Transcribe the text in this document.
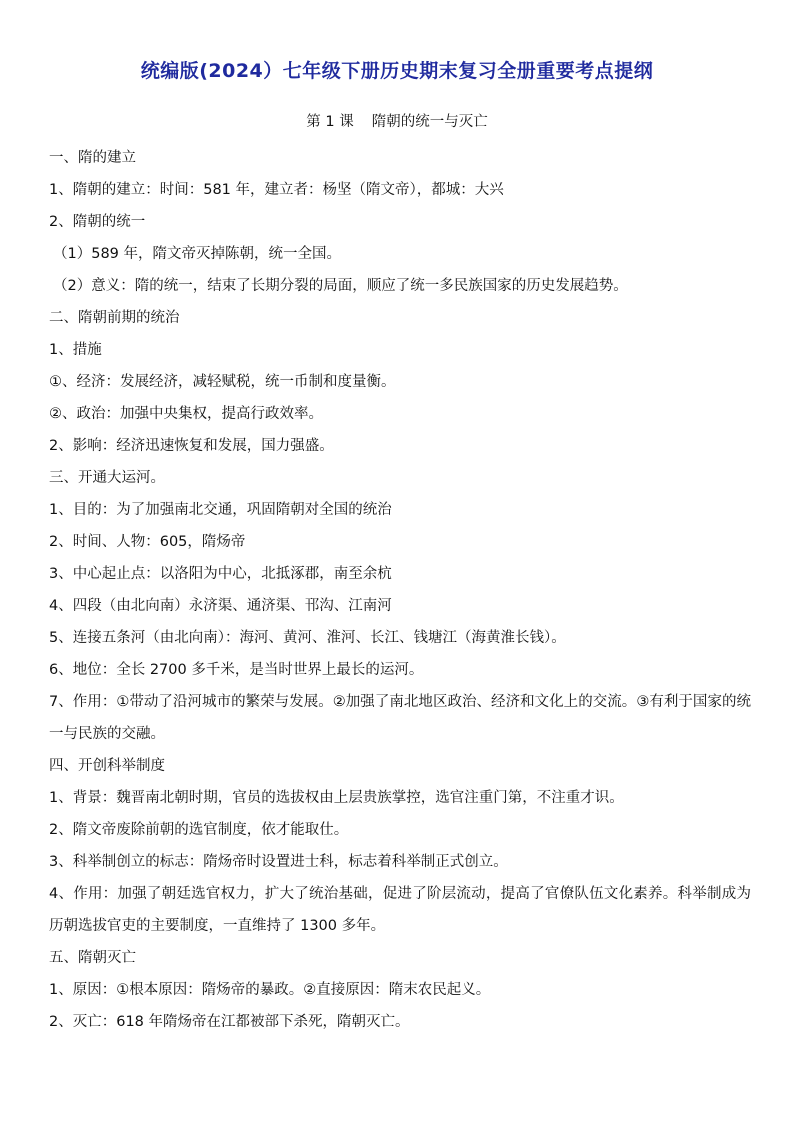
统编版(2024）七年级下册历史期末复习全册重要考点提纲
第 1 课 隋朝的统一与灭亡
一、隋的建立
1、隋朝的建立：时间：581 年，建立者：杨坚（隋文帝），都城：大兴
2、隋朝的统一
（1）589 年，隋文帝灭掉陈朝，统一全国。
（2）意义：隋的统一，结束了长期分裂的局面，顺应了统一多民族国家的历史发展趋势。
二、隋朝前期的统治
1、措施
①、经济：发展经济，减轻赋税，统一币制和度量衡。
②、政治：加强中央集权，提高行政效率。
2、影响：经济迅速恢复和发展，国力强盛。
三、开通大运河。
1、目的：为了加强南北交通，巩固隋朝对全国的统治
2、时间、人物：605，隋炀帝
3、中心起止点：以洛阳为中心，北抵涿郡，南至余杭
4、四段（由北向南）永济渠、通济渠、邗沟、江南河
5、连接五条河（由北向南）：海河、黄河、淮河、长江、钱塘江（海黄淮长钱）。
6、地位：全长 2700 多千米，是当时世界上最长的运河。
7、作用：①带动了沿河城市的繁荣与发展。②加强了南北地区政治、经济和文化上的交流。③有利于国家的统一与民族的交融。
四、开创科举制度
1、背景：魏晋南北朝时期，官员的选拔权由上层贵族掌控，选官注重门第，不注重才识。
2、隋文帝废除前朝的选官制度，依才能取仕。
3、科举制创立的标志：隋炀帝时设置进士科，标志着科举制正式创立。
4、作用：加强了朝廷选官权力，扩大了统治基础，促进了阶层流动，提高了官僚队伍文化素养。科举制成为历朝选拔官吏的主要制度，一直维持了 1300 多年。
五、隋朝灭亡
1、原因：①根本原因：隋炀帝的暴政。②直接原因：隋末农民起义。
2、灭亡：618 年隋炀帝在江都被部下杀死，隋朝灭亡。
